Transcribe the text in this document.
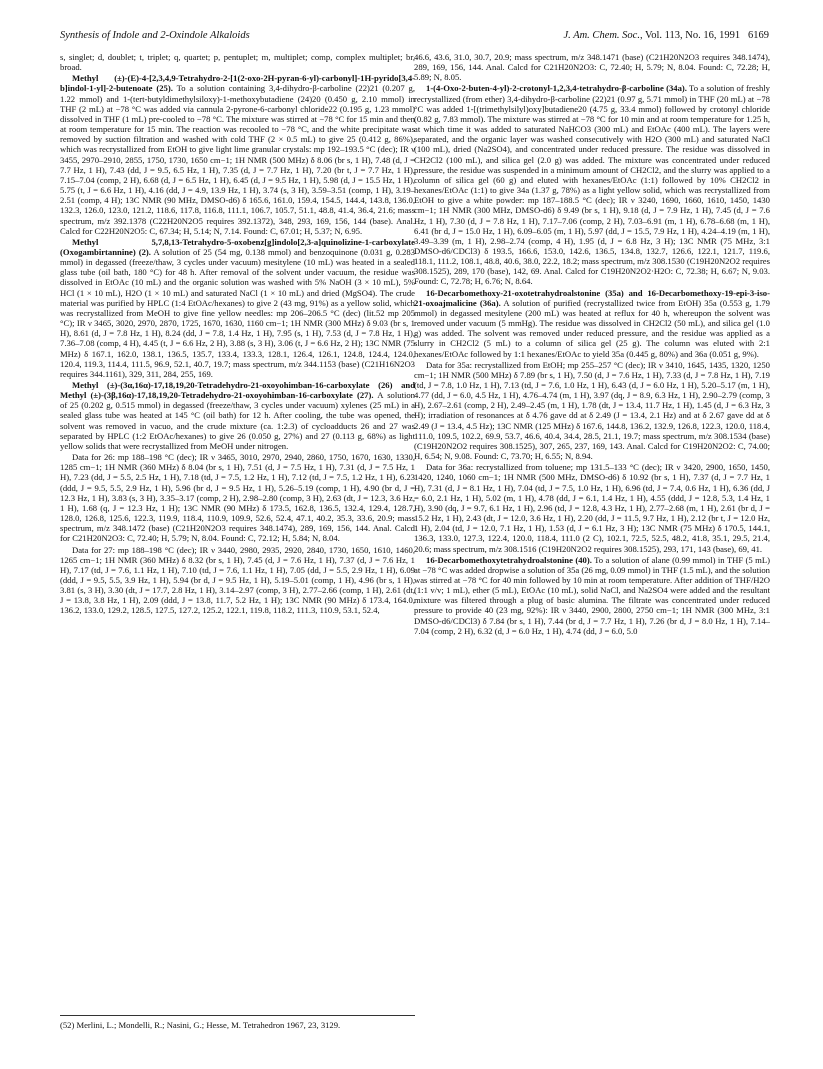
Synthesis of Indole and 2-Oxindole Alkaloids	J. Am. Chem. Soc., Vol. 113, No. 16, 1991 6169

s, singlet; d, doublet; t, triplet; q, quartet; p, pentuplet; m, multiplet; comp, complex multiplet; br, broad.

Methyl (±)-(E)-4-[2,3,4,9-Tetrahydro-2-[1(2-oxo-2H-pyran-6-yl)-carbonyl]-1H-pyrido[3,4-b]indol-1-yl]-2-butenoate (25). To a solution containing 3,4-dihydro-β-carboline (22)21 (0.207 g, 1.22 mmol) and 1-(tert-butyldimethylsiloxy)-1-methoxybutadiene (24)20 (0.450 g, 2.10 mmol) in THF (2 mL) at −78 °C was added via cannula 2-pyrone-6-carbonyl chloride22 (0.195 g, 1.23 mmol) dissolved in THF (1 mL) pre-cooled to −78 °C. The mixture was stirred at −78 °C for 15 min and then at room temperature for 15 min. The reaction was recooled to −78 °C, and the white precipitate was removed by suction filtration and washed with cold THF (2 × 0.5 mL) to give 25 (0.412 g, 86%), which was recrystallized from EtOH to give light lime granular crystals: mp 192–193.5 °C (dec); IR ν 3455, 2970–2910, 2855, 1750, 1730, 1650 cm−1; 1H NMR (500 MHz) δ 8.06 (br s, 1 H), 7.48 (d, J = 7.7 Hz, 1 H), 7.43 (dd, J = 9.5, 6.5 Hz, 1 H), 7.35 (d, J = 7.7 Hz, 1 H), 7.20 (br t, J = 7.7 Hz, 1 H), 7.15–7.04 (comp, 2 H), 6.68 (d, J = 6.5 Hz, 1 H), 6.45 (d, J = 9.5 Hz, 1 H), 5.98 (d, J = 15.5 Hz, 1 H), 5.75 (t, J = 6.6 Hz, 1 H), 4.16 (dd, J = 4.9, 13.9 Hz, 1 H), 3.74 (s, 3 H), 3.59–3.51 (comp, 1 H), 3.19–2.51 (comp, 4 H); 13C NMR (90 MHz, DMSO-d6) δ 165.6, 161.0, 159.4, 154.5, 144.4, 143.8, 136.0, 132.3, 126.0, 123.0, 121.2, 118.6, 117.8, 116.8, 111.1, 106.7, 105.7, 51.1, 48.8, 41.4, 36.4, 21.6; mass spectrum, m/z 392.1378 (C22H20N2O5 requires 392.1372), 348, 293, 169, 156, 144 (base). Anal. Calcd for C22H20N2O5: C, 67.34; H, 5.14; N, 7.14. Found: C, 67.01; H, 5.37; N, 6.95.

Methyl 5,7,8,13-Tetrahydro-5-oxobenz[g]indolo[2,3-a]quinolizine-1-carboxylate (Oxogambirtannine) (2). A solution of 25 (54 mg, 0.138 mmol) and benzoquinone (0.031 g, 0.283 mmol) in degassed (freeze/thaw, 3 cycles under vacuum) mesitylene (10 mL) was heated in a sealed glass tube (oil bath, 180 °C) for 48 h. After removal of the solvent under vacuum, the residue was dissolved in EtOAc (10 mL) and the organic solution was washed with 5% NaOH (3 × 10 mL), 5% HCl (1 × 10 mL), H2O (1 × 10 mL) and saturated NaCl (1 × 10 mL) and dried (MgSO4). The crude material was purified by HPLC (1:4 EtOAc/hexanes) to give 2 (43 mg, 91%) as a yellow solid, which was recrystallized from MeOH to give fine yellow needles: mp 206–206.5 °C (dec) (lit.52 mp 205 °C); IR ν 3465, 3020, 2970, 2870, 1725, 1670, 1630, 1160 cm−1; 1H NMR (300 MHz) δ 9.03 (br s, 1 H), 8.61 (d, J = 7.8 Hz, 1 H), 8.24 (dd, J = 7.8, 1.4 Hz, 1 H), 7.95 (s, 1 H), 7.53 (d, J = 7.8 Hz, 1 H), 7.36–7.08 (comp, 4 H), 4.45 (t, J = 6.6 Hz, 2 H), 3.88 (s, 3 H), 3.06 (t, J = 6.6 Hz, 2 H); 13C NMR (75 MHz) δ 167.1, 162.0, 138.1, 136.5, 135.7, 133.4, 133.3, 128.1, 126.4, 126.1, 124.8, 124.4, 124.0, 120.4, 119.3, 114.4, 111.5, 96.9, 52.1, 40.7, 19.7; mass spectrum, m/z 344.1153 (base) (C21H16N2O3 requires 344.1161), 329, 311, 284, 255, 169.

Methyl (±)-(3α,16α)-17,18,19,20-Tetradehydro-21-oxoyohimban-16-carboxylate (26) and Methyl (±)-(3β,16α)-17,18,19,20-Tetradehydro-21-oxoyohimban-16-carboxylate (27). A solution of 25 (0.202 g, 0.515 mmol) in degassed (freeze/thaw, 3 cycles under vacuum) xylenes (25 mL) in a sealed glass tube was heated at 145 °C (oil bath) for 12 h. After cooling, the tube was opened, the solvent was removed in vacuo, and the crude mixture (ca. 1:2.3) of cycloadducts 26 and 27 was separated by HPLC (1:2 EtOAc/hexanes) to give 26 (0.050 g, 27%) and 27 (0.113 g, 68%) as light yellow solids that were recrystallized from MeOH under nitrogen.

Data for 26: mp 188–198 °C (dec); IR ν 3465, 3010, 2970, 2940, 2860, 1750, 1670, 1630, 1330, 1285 cm−1; 1H NMR (360 MHz) δ 8.04 (br s, 1 H), 7.51 (d, J = 7.5 Hz, 1 H), 7.31 (d, J = 7.5 Hz, 1 H), 7.23 (dd, J = 5.5, 2.5 Hz, 1 H), 7.18 (td, J = 7.5, 1.2 Hz, 1 H), 7.12 (td, J = 7.5, 1.2 Hz, 1 H), 6.23 (ddd, J = 9.5, 5.5, 2.9 Hz, 1 H), 5.96 (br d, J = 9.5 Hz, 1 H), 5.26–5.19 (comp, 1 H), 4.90 (br d, J = 12.3 Hz, 1 H), 3.83 (s, 3 H), 3.35–3.17 (comp, 2 H), 2.98–2.80 (comp, 3 H), 2.63 (dt, J = 12.3, 3.6 Hz, 1 H), 1.68 (q, J = 12.3 Hz, 1 H); 13C NMR (90 MHz) δ 173.5, 162.8, 136.5, 132.4, 129.4, 128.7, 128.0, 126.8, 125.6, 122.3, 119.9, 118.4, 110.9, 109.9, 52.6, 52.4, 47.1, 40.2, 35.3, 33.6, 20.9; mass spectrum, m/z 348.1472 (base) (C21H20N2O3 requires 348.1474), 289, 169, 156, 144. Anal. Calcd for C21H20N2O3: C, 72.40; H, 5.79; N, 8.04. Found: C, 72.12; H, 5.84; N, 8.04.

Data for 27: mp 188–198 °C (dec); IR ν 3440, 2980, 2935, 2920, 2840, 1730, 1650, 1610, 1460, 1265 cm−1; 1H NMR (360 MHz) δ 8.32 (br s, 1 H), 7.45 (d, J = 7.6 Hz, 1 H), 7.37 (d, J = 7.6 Hz, 1 H), 7.17 (td, J = 7.6, 1.1 Hz, 1 H), 7.10 (td, J = 7.6, 1.1 Hz, 1 H), 7.05 (dd, J = 5.5, 2.9 Hz, 1 H), 6.09 (ddd, J = 9.5, 5.5, 3.9 Hz, 1 H), 5.94 (br d, J = 9.5 Hz, 1 H), 5.19–5.01 (comp, 1 H), 4.96 (br s, 1 H), 3.81 (s, 3 H), 3.30 (dt, J = 17.7, 2.8 Hz, 1 H), 3.14–2.97 (comp, 3 H), 2.77–2.66 (comp, 1 H), 2.61 (dt, J = 13.8, 3.8 Hz, 1 H), 2.09 (ddd, J = 13.8, 11.7, 5.2 Hz, 1 H); 13C NMR (90 MHz) δ 173.4, 164.0, 136.2, 133.0, 129.2, 128.5, 127.5, 127.2, 125.2, 122.1, 119.8, 118.2, 111.3, 110.9, 53.1, 52.4,

46.6, 43.6, 31.0, 30.7, 20.9; mass spectrum, m/z 348.1471 (base) (C21H20N2O3 requires 348.1474), 289, 169, 156, 144. Anal. Calcd for C21H20N2O3: C, 72.40; H, 5.79; N, 8.04. Found: C, 72.28; H, 5.89; N, 8.05.

1-(4-Oxo-2-buten-4-yl)-2-crotonyl-1,2,3,4-tetrahydro-β-carboline (34a). To a solution of freshly recrystallized (from ether) 3,4-dihydro-β-carboline (22)21 (0.97 g, 5.71 mmol) in THF (20 mL) at −78 °C was added 1-[(trimethylsilyl)oxy]butadiene20 (4.75 g, 33.4 mmol) followed by crotonyl chloride (0.82 g, 7.83 mmol). The mixture was stirred at −78 °C for 10 min and at room temperature for 1.25 h, at which time it was added to saturated NaHCO3 (300 mL) and EtOAc (400 mL). The layers were separated, and the organic layer was washed consecutively with H2O (300 mL) and saturated NaCl (100 mL), dried (Na2SO4), and concentrated under reduced pressure. The residue was dissolved in CH2Cl2 (100 mL), and silica gel (2.0 g) was added. The mixture was concentrated under reduced pressure, the residue was suspended in a minimum amount of CH2Cl2, and the slurry was applied to a column of silica gel (60 g) and eluted with hexanes/EtOAc (1:1) followed by 10% CH2Cl2 in hexanes/EtOAc (1:1) to give 34a (1.37 g, 78%) as a light yellow solid, which was recrystallized from EtOH to give a white powder: mp 187–188.5 °C (dec); IR ν 3240, 1690, 1660, 1610, 1450, 1430 cm−1; 1H NMR (300 MHz, DMSO-d6) δ 9.49 (br s, 1 H), 9.18 (d, J = 7.9 Hz, 1 H), 7.45 (d, J = 7.6 Hz, 1 H), 7.30 (d, J = 7.8 Hz, 1 H), 7.17–7.06 (comp, 2 H), 7.03–6.91 (m, 1 H), 6.78–6.68 (m, 1 H), 6.41 (br d, J = 15.0 Hz, 1 H), 6.09–6.05 (m, 1 H), 5.97 (dd, J = 15.5, 7.9 Hz, 1 H), 4.24–4.19 (m, 1 H), 3.49–3.39 (m, 1 H), 2.98–2.74 (comp, 4 H), 1.95 (d, J = 6.8 Hz, 3 H); 13C NMR (75 MHz, 3:1 DMSO-d6/CDCl3) δ 193.5, 166.6, 153.0, 142.6, 136.5, 134.8, 132.7, 126.6, 122.1, 121.7, 119.6, 118.1, 111.2, 108.1, 48.8, 40.6, 38.0, 22.2, 18.2; mass spectrum, m/z 308.1530 (C19H20N2O2 requires 308.1525), 289, 170 (base), 142, 69. Anal. Calcd for C19H20N2O2·H2O: C, 72.38; H, 6.67; N, 9.03. Found: C, 72.78; H, 6.76; N, 8.64.

16-Decarbomethoxy-21-oxotetrahydroalstonine (35a) and 16-Decarbomethoxy-19-epi-3-iso-21-oxoajmalicine (36a). A solution of purified (recrystallized twice from EtOH) 35a (0.553 g, 1.79 mmol) in degassed mesitylene (200 mL) was heated at reflux for 40 h, whereupon the solvent was removed under vacuum (5 mmHg). The residue was dissolved in CH2Cl2 (50 mL), and silica gel (1.0 g) was added. The solvent was removed under reduced pressure, and the residue was applied as a slurry in CH2Cl2 (5 mL) to a column of silica gel (25 g). The column was eluted with 2:1 hexanes/EtOAc followed by 1:1 hexanes/EtOAc to yield 35a (0.445 g, 80%) and 36a (0.051 g, 9%).

Data for 35a: recrystallized from EtOH; mp 255–257 °C (dec); IR ν 3410, 1645, 1435, 1320, 1250 cm−1; 1H NMR (500 MHz) δ 7.89 (br s, 1 H), 7.50 (d, J = 7.6 Hz, 1 H), 7.33 (d, J = 7.8 Hz, 1 H), 7.19 (td, J = 7.8, 1.0 Hz, 1 H), 7.13 (td, J = 7.6, 1.0 Hz, 1 H), 6.43 (d, J = 6.0 Hz, 1 H), 5.20–5.17 (m, 1 H), 4.77 (dd, J = 6.0, 4.5 Hz, 1 H), 4.76–4.74 (m, 1 H), 3.97 (dq, J = 8.9, 6.3 Hz, 1 H), 2.90–2.79 (comp, 3 H), 2.67–2.61 (comp, 2 H), 2.49–2.45 (m, 1 H), 1.78 (dt, J = 13.4, 11.7 Hz, 1 H), 1.45 (d, J = 6.3 Hz, 3 H); irradiation of resonances at δ 4.76 gave dd at δ 2.49 (J = 13.4, 2.1 Hz) and at δ 2.67 gave dd at δ 2.49 (J = 13.4, 4.5 Hz); 13C NMR (125 MHz) δ 167.6, 144.8, 136.2, 132.9, 126.8, 122.3, 120.0, 118.4, 111.0, 109.5, 102.2, 69.9, 53.7, 46.6, 40.4, 34.4, 28.5, 21.1, 19.7; mass spectrum, m/z 308.1534 (base) (C19H20N2O2 requires 308.1525), 307, 265, 237, 169, 143. Anal. Calcd for C19H20N2O2: C, 74.00; H, 6.54; N, 9.08. Found: C, 73.70; H, 6.55; N, 8.94.

Data for 36a: recrystallized from toluene; mp 131.5–133 °C (dec); IR ν 3420, 2900, 1650, 1450, 1420, 1240, 1060 cm−1; 1H NMR (500 MHz, DMSO-d6) δ 10.92 (br s, 1 H), 7.37 (d, J = 7.7 Hz, 1 H), 7.31 (d, J = 8.1 Hz, 1 H), 7.04 (td, J = 7.5, 1.0 Hz, 1 H), 6.96 (td, J = 7.4, 0.6 Hz, 1 H), 6.36 (dd, J = 6.0, 2.1 Hz, 1 H), 5.02 (m, 1 H), 4.78 (dd, J = 6.1, 1.4 Hz, 1 H), 4.55 (ddd, J = 12.8, 5.3, 1.4 Hz, 1 H), 3.90 (dq, J = 9.7, 6.1 Hz, 1 H), 2.96 (td, J = 12.8, 4.3 Hz, 1 H), 2.77–2.68 (m, 1 H), 2.61 (br d, J = 15.2 Hz, 1 H), 2.43 (dt, J = 12.0, 3.6 Hz, 1 H), 2.20 (dd, J = 11.5, 9.7 Hz, 1 H), 2.12 (br t, J = 12.0 Hz, 1 H), 2.04 (td, J = 12.0, 7.1 Hz, 1 H), 1.53 (d, J = 6.1 Hz, 3 H); 13C NMR (75 MHz) δ 170.5, 144.1, 136.3, 133.0, 127.3, 122.4, 120.0, 118.4, 111.0 (2 C), 102.1, 72.5, 52.5, 48.2, 41.8, 35.1, 29.5, 21.4, 20.6; mass spectrum, m/z 308.1516 (C19H20N2O2 requires 308.1525), 293, 171, 143 (base), 69, 41.

16-Decarbomethoxytetrahydroalstonine (40). To a solution of alane (0.99 mmol) in THF (5 mL) at −78 °C was added dropwise a solution of 35a (26 mg, 0.09 mmol) in THF (1.5 mL), and the solution was stirred at −78 °C for 40 min followed by 10 min at room temperature. After addition of THF/H2O (1:1 v/v; 1 mL), ether (5 mL), EtOAc (10 mL), solid NaCl, and Na2SO4 were added and the resultant mixture was filtered through a plug of basic alumina. The filtrate was concentrated under reduced pressure to provide 40 (23 mg, 92%): IR ν 3440, 2900, 2800, 2750 cm−1; 1H NMR (300 MHz, 3:1 DMSO-d6/CDCl3) δ 7.84 (br s, 1 H), 7.44 (br d, J = 7.7 Hz, 1 H), 7.26 (br d, J = 8.0 Hz, 1 H), 7.14–7.04 (comp, 2 H), 6.32 (d, J = 6.0 Hz, 1 H), 4.74 (dd, J = 6.0, 5.0

(52) Merlini, L.; Mondelli, R.; Nasini, G.; Hesse, M. Tetrahedron 1967, 23, 3129.
